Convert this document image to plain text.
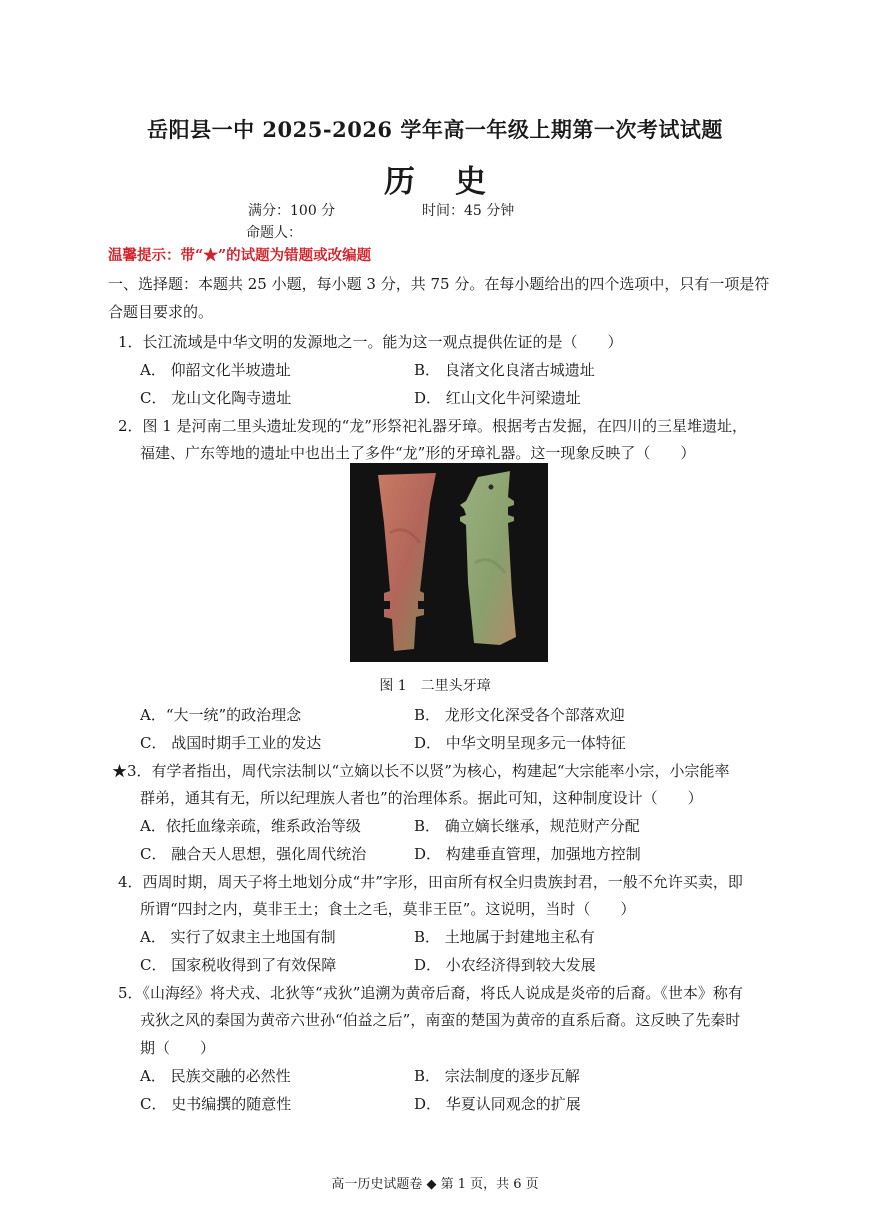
岳阳县一中 2025-2026 学年高一年级上期第一次考试试题
历史
满分：100 分	时间：45 分钟
命题人：
温馨提示：带“★”的试题为错题或改编题
一、选择题：本题共 25 小题，每小题 3 分，共 75 分。在每小题给出的四个选项中，只有一项是符
合题目要求的。
1．长江流域是中华文明的发源地之一。能为这一观点提供佐证的是（　　）
A． 仰韶文化半坡遗址	B． 良渚文化良渚古城遗址
C． 龙山文化陶寺遗址	D． 红山文化牛河梁遗址
2．图 1 是河南二里头遗址发现的“龙”形祭祀礼器牙璋。根据考古发掘，在四川的三星堆遗址，
福建、广东等地的遗址中也出土了多件“龙”形的牙璋礼器。这一现象反映了（　　）
图 1　二里头牙璋
A．“大一统”的政治理念	B． 龙形文化深受各个部落欢迎
C． 战国时期手工业的发达	D． 中华文明呈现多元一体特征
★3．有学者指出，周代宗法制以“立嫡以长不以贤”为核心，构建起“大宗能率小宗，小宗能率
群弟，通其有无，所以纪理族人者也”的治理体系。据此可知，这种制度设计（　　）
A．依托血缘亲疏，维系政治等级	B． 确立嫡长继承，规范财产分配
C． 融合天人思想，强化周代统治	D． 构建垂直管理，加强地方控制
4．西周时期，周天子将土地划分成“井”字形，田亩所有权全归贵族封君，一般不允许买卖，即
所谓“四封之内，莫非王土；食土之毛，莫非王臣”。这说明，当时（　　）
A． 实行了奴隶主土地国有制	B． 土地属于封建地主私有
C． 国家税收得到了有效保障	D． 小农经济得到较大发展
5．《山海经》将犬戎、北狄等“戎狄”追溯为黄帝后裔，将氐人说成是炎帝的后裔。《世本》称有
戎狄之风的秦国为黄帝六世孙“伯益之后”，南蛮的楚国为黄帝的直系后裔。这反映了先秦时
期（　　）
A． 民族交融的必然性	B． 宗法制度的逐步瓦解
C． 史书编撰的随意性	D． 华夏认同观念的扩展
高一历史试题卷 ◆ 第 1 页，共 6 页
